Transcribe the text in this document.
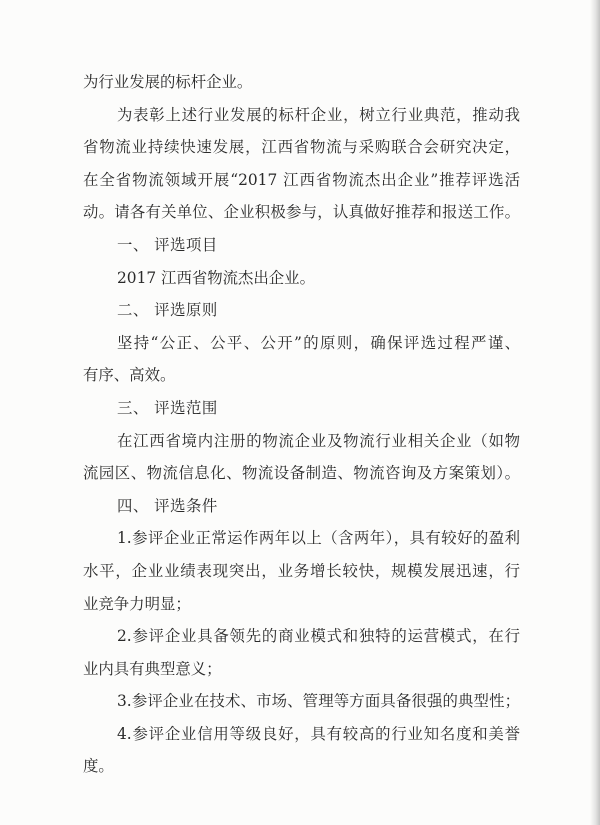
为行业发展的标杆企业。

为表彰上述行业发展的标杆企业，树立行业典范，推动我
省物流业持续快速发展，江西省物流与采购联合会研究决定，
在全省物流领域开展“2017 江西省物流杰出企业”推荐评选活
动。请各有关单位、企业积极参与，认真做好推荐和报送工作。

一、 评选项目

2017 江西省物流杰出企业。

二、 评选原则

坚持“公正、公平、公开”的原则，确保评选过程严谨、
有序、高效。

三、 评选范围

在江西省境内注册的物流企业及物流行业相关企业（如物
流园区、物流信息化、物流设备制造、物流咨询及方案策划）。

四、 评选条件

1.参评企业正常运作两年以上（含两年），具有较好的盈利
水平，企业业绩表现突出，业务增长较快，规模发展迅速，行
业竞争力明显；

2.参评企业具备领先的商业模式和独特的运营模式，在行
业内具有典型意义；

3.参评企业在技术、市场、管理等方面具备很强的典型性；

4.参评企业信用等级良好，具有较高的行业知名度和美誉
度。
